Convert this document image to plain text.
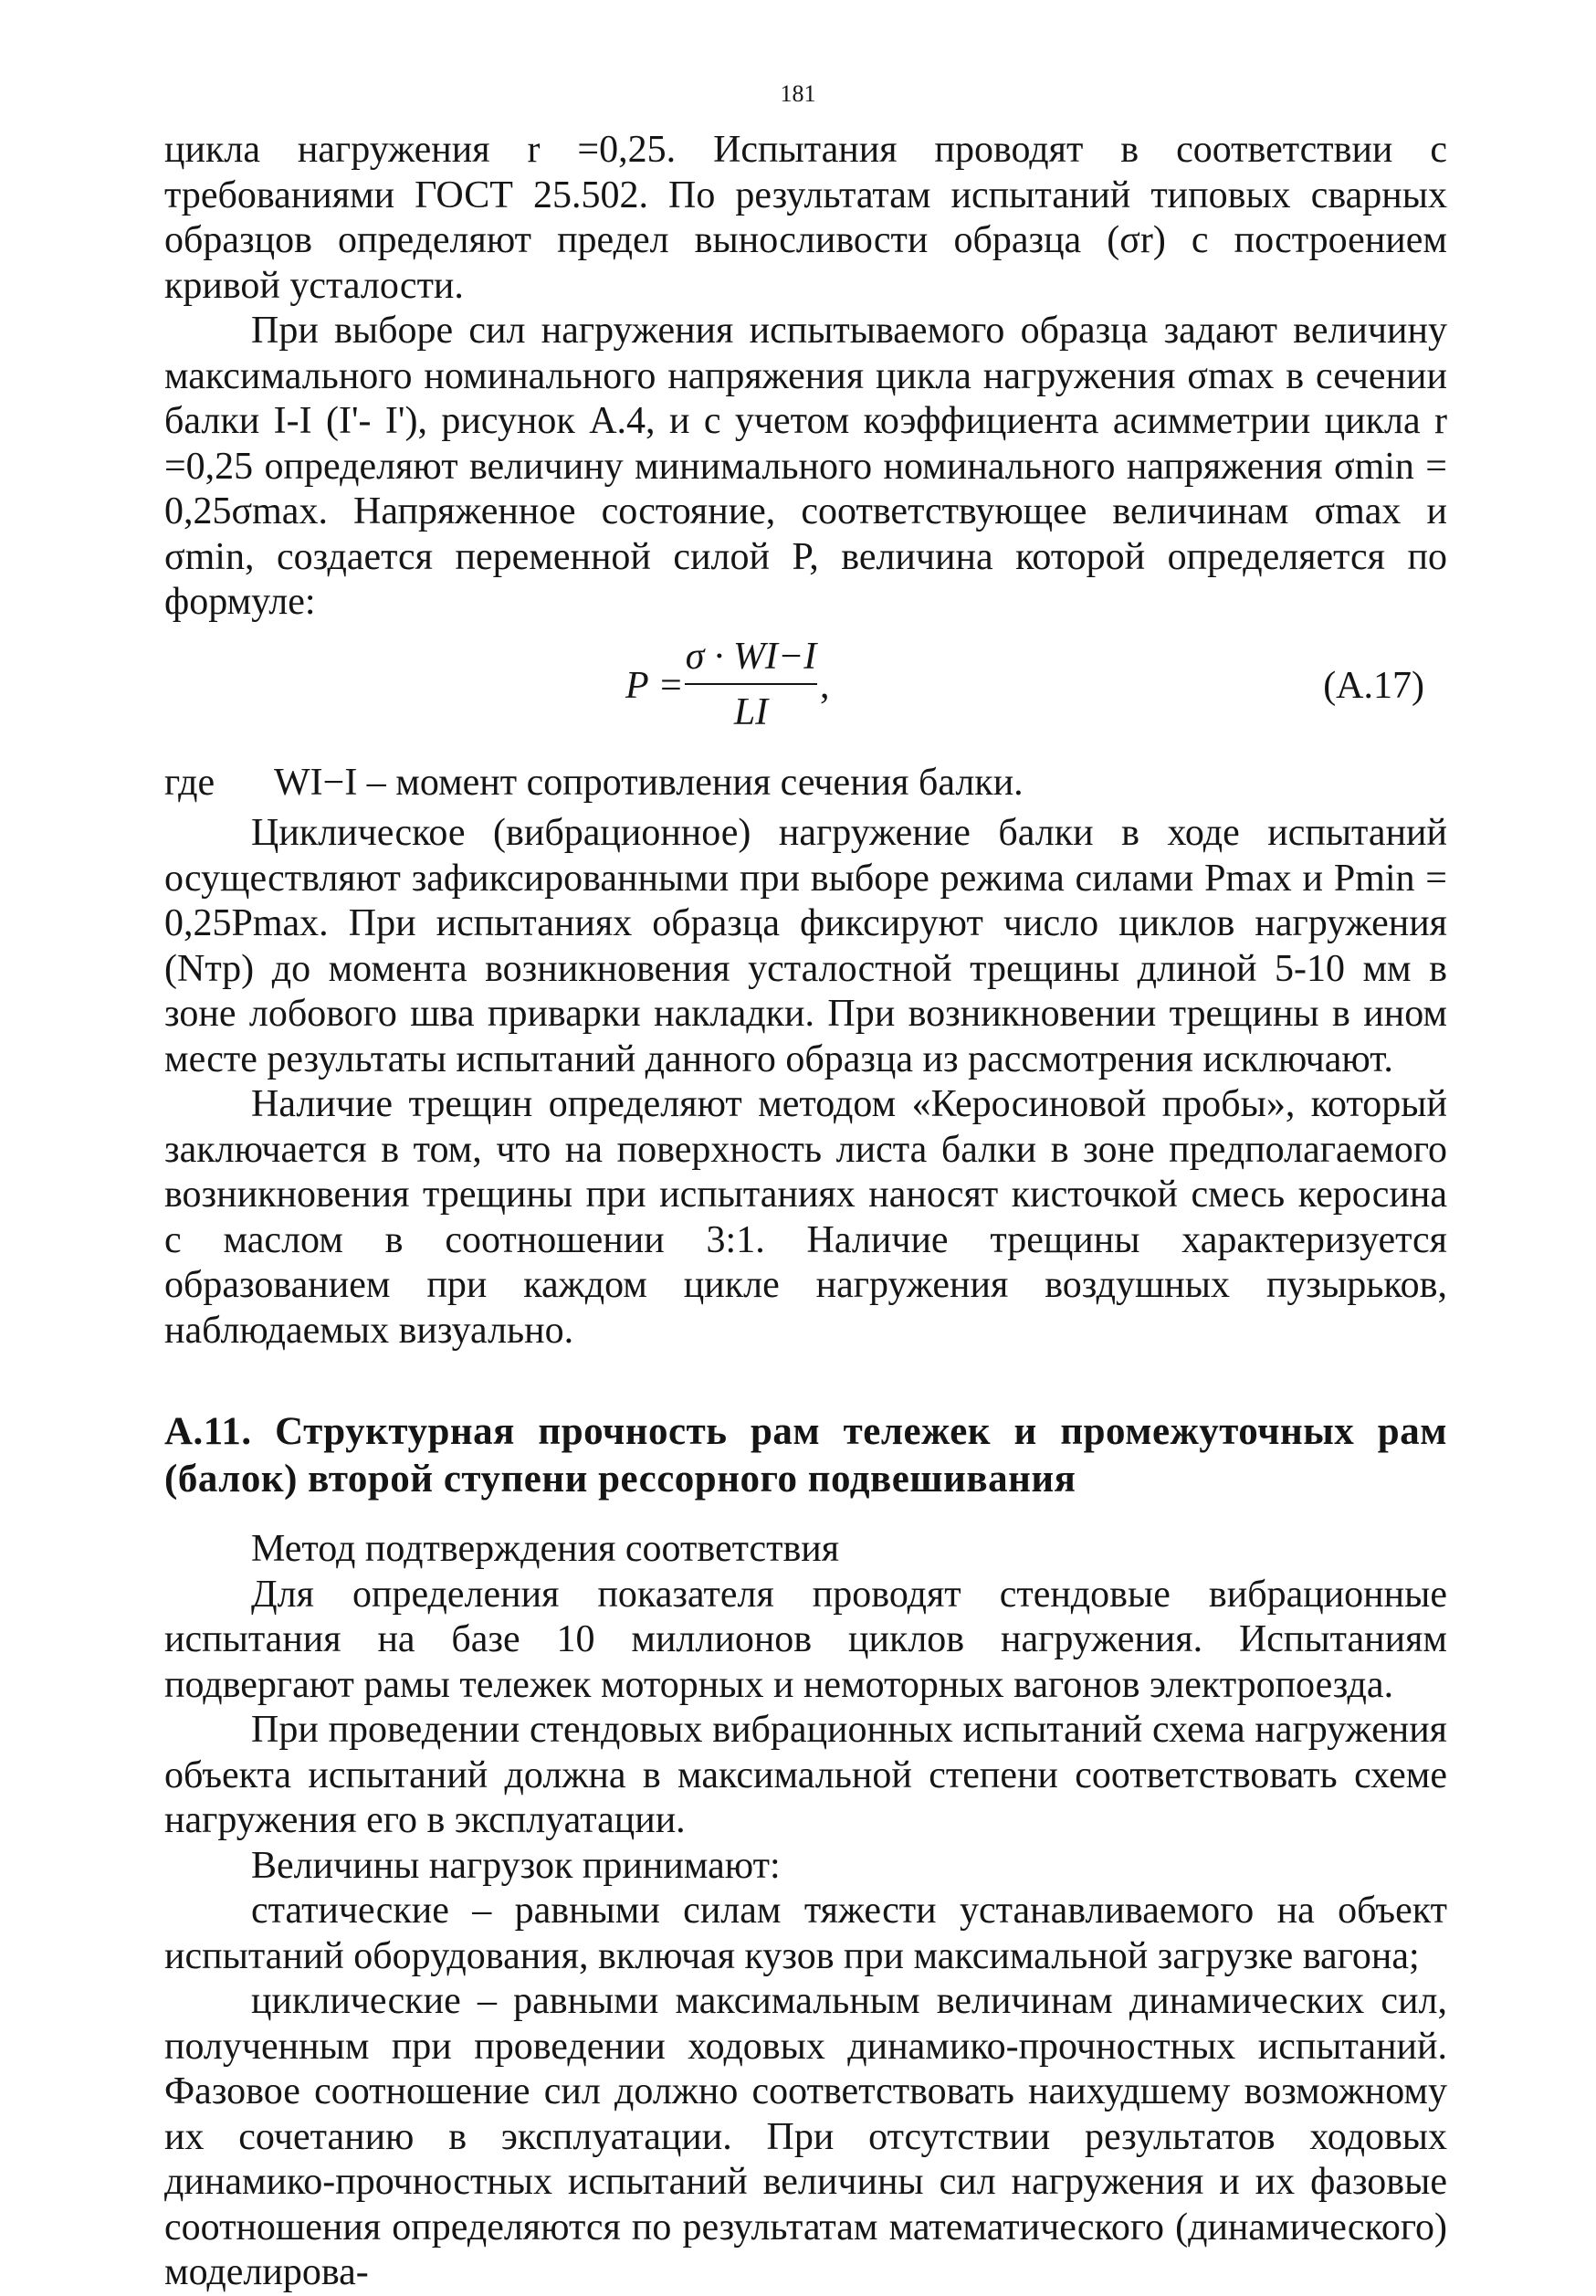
181

цикла нагружения r =0,25. Испытания проводят в соответствии с требованиями ГОСТ 25.502. По результатам испытаний типовых сварных образцов определяют предел выносливости образца (σr) с построением кривой усталости.

При выборе сил нагружения испытываемого образца задают величину максимального номинального напряжения цикла нагружения σmax в сечении балки I-I (I'- I'), рисунок А.4, и с учетом коэффициента асимметрии цикла r =0,25 определяют величину минимального номинального напряжения σmin = 0,25σmax. Напряженное состояние, соответствующее величинам σmax и σmin, создается переменной силой P, величина которой определяется по формуле:

$P = \frac{\sigma \cdot WI-I}{LI}$ ,	(А.17)

где WI−I – момент сопротивления сечения балки.

Циклическое (вибрационное) нагружение балки в ходе испытаний осуществляют зафиксированными при выборе режима силами Pmax и Pmin = 0,25Pmax. При испытаниях образца фиксируют число циклов нагружения (Nтр) до момента возникновения усталостной трещины длиной 5-10 мм в зоне лобового шва приварки накладки. При возникновении трещины в ином месте результаты испытаний данного образца из рассмотрения исключают.

Наличие трещин определяют методом «Керосиновой пробы», который заключается в том, что на поверхность листа балки в зоне предполагаемого возникновения трещины при испытаниях наносят кисточкой смесь керосина с маслом в соотношении 3:1. Наличие трещины характеризуется образованием при каждом цикле нагружения воздушных пузырьков, наблюдаемых визуально.

А.11. Структурная прочность рам тележек и промежуточных рам (балок) второй ступени рессорного подвешивания

Метод подтверждения соответствия

Для определения показателя проводят стендовые вибрационные испытания на базе 10 миллионов циклов нагружения. Испытаниям подвергают рамы тележек моторных и немоторных вагонов электропоезда.

При проведении стендовых вибрационных испытаний схема нагружения объекта испытаний должна в максимальной степени соответствовать схеме нагружения его в эксплуатации.

Величины нагрузок принимают:

статические – равными силам тяжести устанавливаемого на объект испытаний оборудования, включая кузов при максимальной загрузке вагона;

циклические – равными максимальным величинам динамических сил, полученным при проведении ходовых динамико-прочностных испытаний. Фазовое соотношение сил должно соответствовать наихудшему возможному их сочетанию в эксплуатации. При отсутствии результатов ходовых динамико-прочностных испытаний величины сил нагружения и их фазовые соотношения определяются по результатам математического (динамического) моделирова-
